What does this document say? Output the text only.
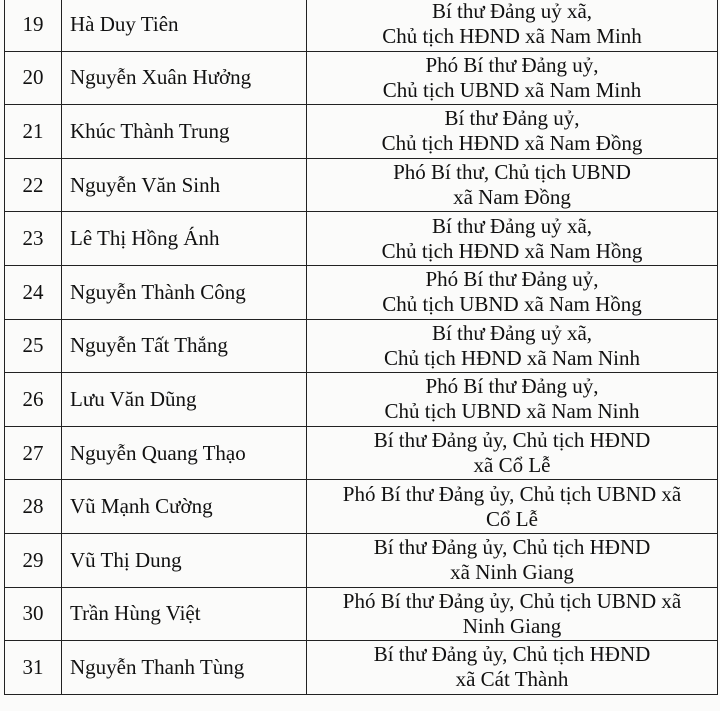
19	Hà Duy Tiên	Bí thư Đảng uỷ xã,
Chủ tịch HĐND xã Nam Minh

20	Nguyễn Xuân Hưởng	Phó Bí thư Đảng uỷ,
Chủ tịch UBND xã Nam Minh

21	Khúc Thành Trung	Bí thư Đảng uỷ,
Chủ tịch HĐND xã Nam Đồng

22	Nguyễn Văn Sinh	Phó Bí thư, Chủ tịch UBND
xã Nam Đồng

23	Lê Thị Hồng Ánh	Bí thư Đảng uỷ xã,
Chủ tịch HĐND xã Nam Hồng

24	Nguyễn Thành Công	Phó Bí thư Đảng uỷ,
Chủ tịch UBND xã Nam Hồng

25	Nguyễn Tất Thắng	Bí thư Đảng uỷ xã,
Chủ tịch HĐND xã Nam Ninh

26	Lưu Văn Dũng	Phó Bí thư Đảng uỷ,
Chủ tịch UBND xã Nam Ninh

27	Nguyễn Quang Thạo	Bí thư Đảng ủy, Chủ tịch HĐND
xã Cổ Lễ

28	Vũ Mạnh Cường	Phó Bí thư Đảng ủy, Chủ tịch UBND xã
Cổ Lễ

29	Vũ Thị Dung	Bí thư Đảng ủy, Chủ tịch HĐND
xã Ninh Giang

30	Trần Hùng Việt	Phó Bí thư Đảng ủy, Chủ tịch UBND xã
Ninh Giang

31	Nguyễn Thanh Tùng	Bí thư Đảng ủy, Chủ tịch HĐND
xã Cát Thành
